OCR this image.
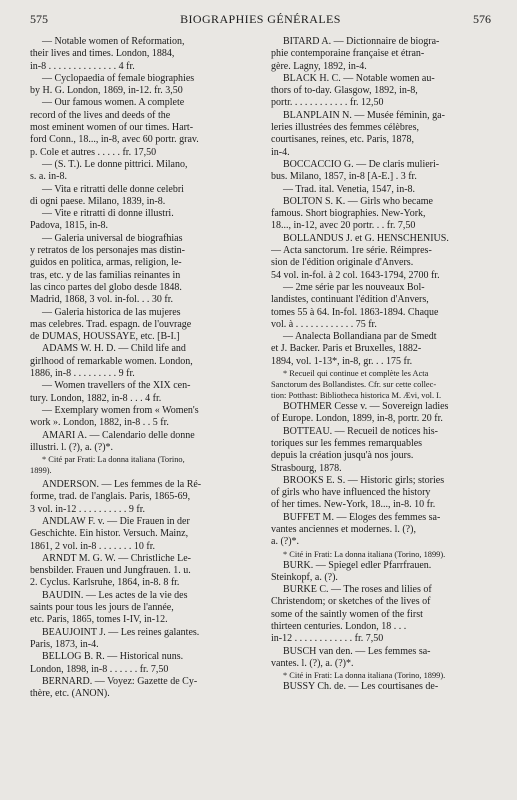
575	BIOGRAPHIES GÉNÉRALES	576
— Notable women of Reformation,
their lives and times. London, 1884,
in-8 . . . . . . . . . . . . . . 4 fr.
— Cyclopaedia of female biographies
by H. G. London, 1869, in-12. fr. 3,50
— Our famous women. A complete
record of the lives and deeds of the
most eminent women of our times. Hart-
ford Conn., 18..., in-8, avec 60 portr. grav.
p. Cole et autres . . . . . fr. 17,50
— (S. T.). Le donne pittrici. Milano,
s. a. in-8.
— Vita e ritratti delle donne celebri
di ogni paese. Milano, 1839, in-8.
— Vite e ritratti di donne illustri.
Padova, 1815, in-8.
— Galeria universal de biografhias
y retratos de los personajes mas distin-
guidos en politica, armas, religion, le-
tras, etc. y de las familias reinantes in
las cinco partes del globo desde 1848.
Madrid, 1868, 3 vol. in-fol. . . 30 fr.
— Galeria historica de las mujeres
mas celebres. Trad. espagn. de l'ouvrage
de DUMAS, HOUSSAYE, etc. [B-I.]
ADAMS W. H. D. — Child life and
girlhood of remarkable women. London,
1886, in-8 . . . . . . . . . 9 fr.
— Women travellers of the XIX cen-
tury. London, 1882, in-8 . . . 4 fr.
— Exemplary women from « Women's
work ». London, 1882, in-8 . . 5 fr.
AMARI A. — Calendario delle donne
illustri. l. (?), a. (?)*.
* Cité par Frati: La donna italiana (Torino,
1899).
ANDERSON. — Les femmes de la Ré-
forme, trad. de l'anglais. Paris, 1865-69,
3 vol. in-12 . . . . . . . . . . 9 fr.
ANDLAW F. v. — Die Frauen in der
Geschichte. Ein histor. Versuch. Mainz,
1861, 2 vol. in-8 . . . . . . . 10 fr.
ARNDT M. G. W. — Christliche Le-
bensbilder. Frauen und Jungfrauen. 1. u.
2. Cyclus. Karlsruhe, 1864, in-8. 8 fr.
BAUDIN. — Les actes de la vie des
saints pour tous les jours de l'année,
etc. Paris, 1865, tomes I-IV, in-12.
BEAUJOINT J. — Les reines galantes.
Paris, 1873, in-4.
BELLOG B. R. — Historical nuns.
London, 1898, in-8 . . . . . . fr. 7,50
BERNARD. — Voyez: Gazette de Cy-
thère, etc. (ANON).
BITARD A. — Dictionnaire de biogra-
phie contemporaine française et étran-
gère. Lagny, 1892, in-4.
BLACK H. C. — Notable women au-
thors of to-day. Glasgow, 1892, in-8,
portr. . . . . . . . . . . . fr. 12,50
BLANPLAIN N. — Musée féminin, ga-
leries illustrées des femmes célèbres,
courtisanes, reines, etc. Paris, 1878,
in-4.
BOCCACCIO G. — De claris mulieri-
bus. Milano, 1857, in-8 [A-E.] . 3 fr.
— Trad. ital. Venetia, 1547, in-8.
BOLTON S. K. — Girls who became
famous. Short biographies. New-York,
18..., in-12, avec 20 portr. . . fr. 7,50
BOLLANDUS J. et G. HENSCHENIUS.
— Acta sanctorum. 1re série. Réimpres-
sion de l'édition originale d'Anvers.
54 vol. in-fol. à 2 col. 1643-1794, 2700 fr.
— 2me série par les nouveaux Bol-
landistes, continuant l'édition d'Anvers,
tomes 55 à 64. In-fol. 1863-1894. Chaque
vol. à . . . . . . . . . . . . 75 fr.
— Analecta Bollandiana par de Smedt
et J. Backer. Paris et Bruxelles, 1882-
1894, vol. 1-13*, in-8, gr. . . 175 fr.
* Recueil qui continue et complète les Acta
Sanctorum des Bollandistes. Cfr. sur cette collec-
tion: Potthast: Bibliotheca historica M. Ævi, vol. I.
BOTHMER Cesse v. — Sovereign ladies
of Europe. London, 1899, in-8, portr. 20 fr.
BOTTEAU. — Recueil de notices his-
toriques sur les femmes remarquables
depuis la création jusqu'à nos jours.
Strasbourg, 1878.
BROOKS E. S. — Historic girls; stories
of girls who have influenced the history
of her times. New-York, 18..., in-8. 10 fr.
BUFFET M. — Éloges des femmes sa-
vantes anciennes et modernes. l. (?),
a. (?)*.
* Cité in Frati: La donna italiana (Torino, 1899).
BURK. — Spiegel edler Pfarrfrauen.
Steinkopf, a. (?).
BURKE C. — The roses and lilies of
Christendom; or sketches of the lives of
some of the saintly women of the first
thirteen centuries. London, 18 . . .
in-12 . . . . . . . . . . . . fr. 7,50
BUSCH van den. — Les femmes sa-
vantes. l. (?), a. (?)*.
* Cité in Frati: La donna italiana (Torino, 1899).
BUSSY Ch. de. — Les courtisanes de-
